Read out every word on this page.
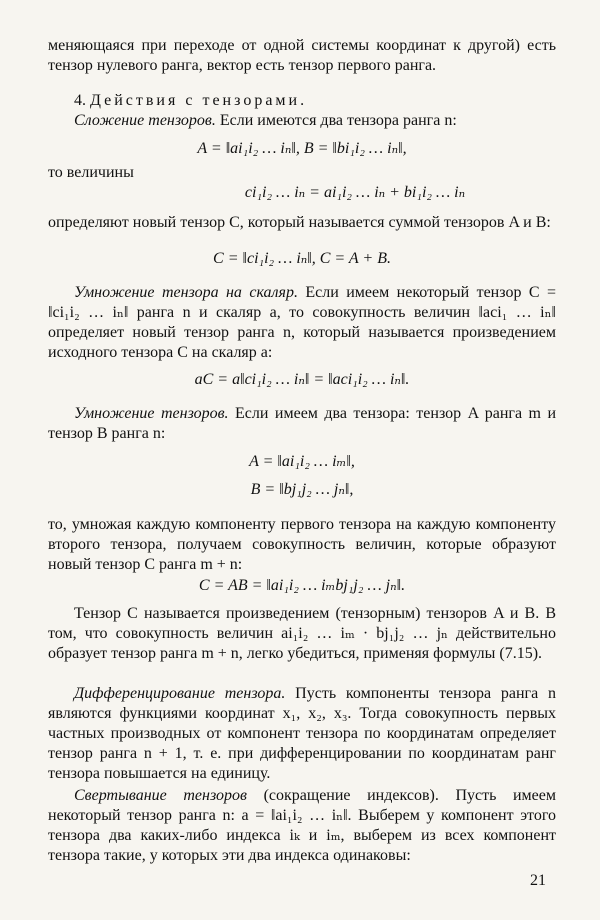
меняющаяся при переходе от одной системы координат к другой) есть тензор нулевого ранга, вектор есть тензор первого ранга.

4. Действия с тензорами.

Сложение тензоров. Если имеются два тензора ранга n:

A = ‖ai₁i₂ … iₙ‖, B = ‖bi₁i₂ … iₙ‖,

то величины

ci₁i₂ … iₙ = ai₁i₂ … iₙ + bi₁i₂ … iₙ

определяют новый тензор C, который называется суммой тензоров A и B:

C = ‖ci₁i₂ … iₙ‖, C = A + B.

Умножение тензора на скаляр. Если имеем некоторый тензор C = ‖ci₁i₂ … iₙ‖ ранга n и скаляр a, то совокупность величин ‖aci₁ … iₙ‖ определяет новый тензор ранга n, который называется произведением исходного тензора C на скаляр a:

aC = a‖ci₁i₂ … iₙ‖ = ‖aci₁i₂ … iₙ‖.

Умножение тензоров. Если имеем два тензора: тензор A ранга m и тензор B ранга n:

A = ‖ai₁i₂ … iₘ‖,

B = ‖bj₁j₂ … jₙ‖,

то, умножая каждую компоненту первого тензора на каждую компоненту второго тензора, получаем совокупность величин, которые образуют новый тензор C ранга m + n:

C = AB = ‖ai₁i₂ … iₘbj₁j₂ … jₙ‖.

Тензор C называется произведением (тензорным) тензоров A и B. В том, что совокупность величин ai₁i₂ … iₘ · bj₁j₂ … jₙ действительно образует тензор ранга m + n, легко убедиться, применяя формулы (7.15).

Дифференцирование тензора. Пусть компоненты тензора ранга n являются функциями координат x₁, x₂, x₃. Тогда совокупность первых частных производных от компонент тензора по координатам определяет тензор ранга n + 1, т. е. при дифференцировании по координатам ранг тензора повышается на единицу.

Свертывание тензоров (сокращение индексов). Пусть имеем некоторый тензор ранга n: a = ‖ai₁i₂ … iₙ‖. Выберем у компонент этого тензора два каких-либо индекса iₖ и iₘ, выберем из всех компонент тензора такие, у которых эти два индекса одинаковы:

21
